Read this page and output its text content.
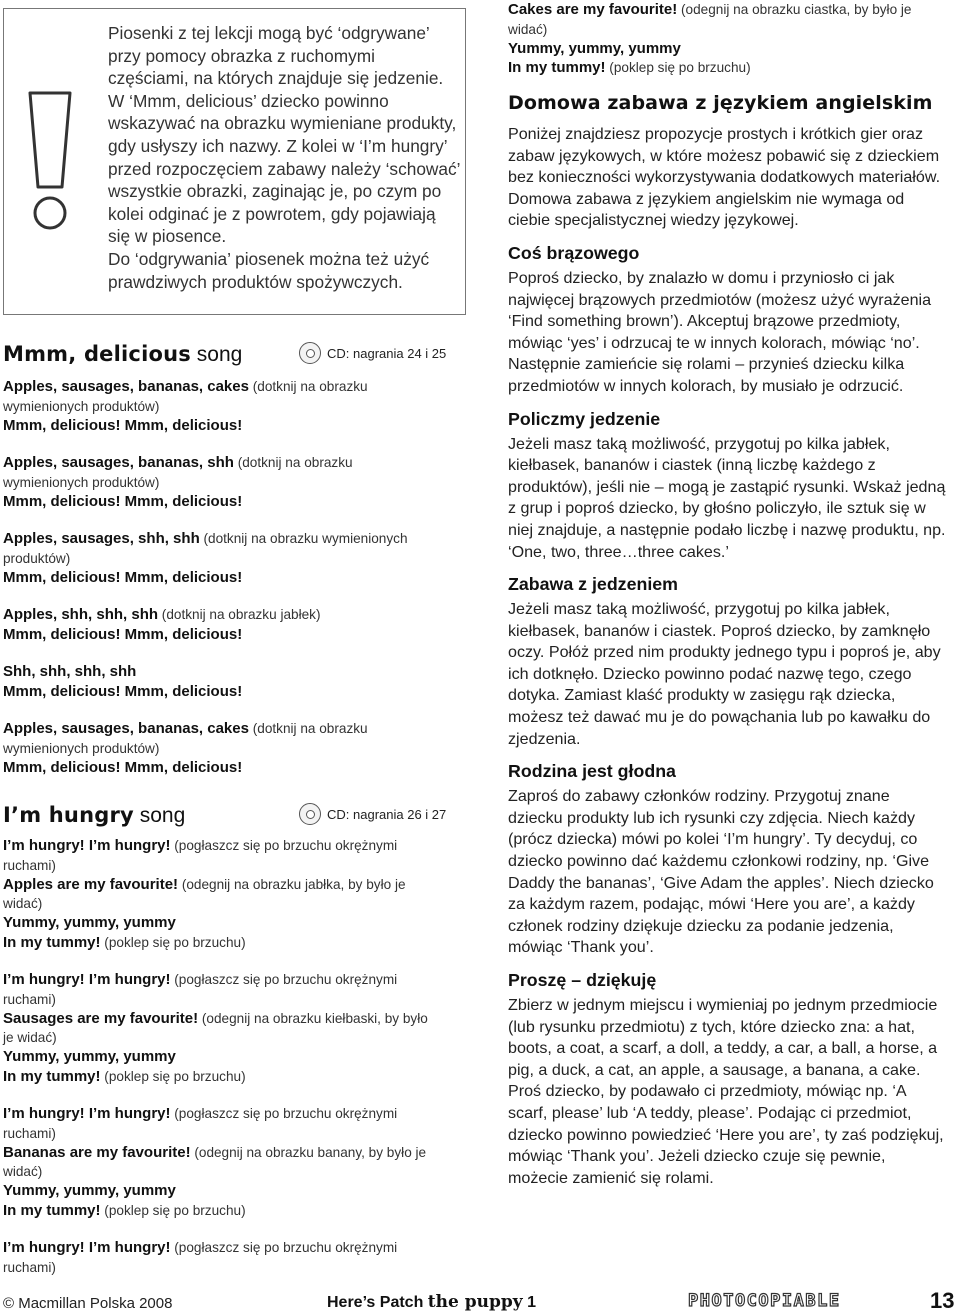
Piosenki z tej lekcji mogą być ‘odgrywane’ przy pomocy obrazka z ruchomymi częściami, na których znajduje się jedzenie. W ‘Mmm, delicious’ dziecko powinno wskazywać na obrazku wymieniane produkty, gdy usłyszy ich nazwy. Z kolei w ‘I’m hungry’ przed rozpoczęciem zabawy należy ‘schować’ wszystkie obrazki, zaginając je, po czym po kolei odginać je z powrotem, gdy pojawiają się w piosence.

Do ‘odgrywania’ piosenek można też użyć prawdziwych produktów spożywczych.

Mmm, delicious song	CD: nagrania 24 i 25
Apples, sausages, bananas, cakes (dotknij na obrazku
wymienionych produktów)
Mmm, delicious! Mmm, delicious!
Apples, sausages, bananas, shh (dotknij na obrazku
wymienionych produktów)
Mmm, delicious! Mmm, delicious!
Apples, sausages, shh, shh (dotknij na obrazku wymienionych
produktów)
Mmm, delicious! Mmm, delicious!
Apples, shh, shh, shh (dotknij na obrazku jabłek)
Mmm, delicious! Mmm, delicious!
Shh, shh, shh, shh
Mmm, delicious! Mmm, delicious!
Apples, sausages, bananas, cakes (dotknij na obrazku
wymienionych produktów)
Mmm, delicious! Mmm, delicious!
I’m hungry song	CD: nagrania 26 i 27
I’m hungry! I’m hungry! (pogłaszcz się po brzuchu okrężnymi
ruchami)
Apples are my favourite! (odegnij na obrazku jabłka, by było je
widać)
Yummy, yummy, yummy
In my tummy! (poklep się po brzuchu)
I’m hungry! I’m hungry! (pogłaszcz się po brzuchu okrężnymi
ruchami)
Sausages are my favourite! (odegnij na obrazku kiełbaski, by było
je widać)
Yummy, yummy, yummy
In my tummy! (poklep się po brzuchu)
I’m hungry! I’m hungry! (pogłaszcz się po brzuchu okrężnymi
ruchami)
Bananas are my favourite! (odegnij na obrazku banany, by było je
widać)
Yummy, yummy, yummy
In my tummy! (poklep się po brzuchu)
I’m hungry! I’m hungry! (pogłaszcz się po brzuchu okrężnymi
ruchami)
Cakes are my favourite! (odegnij na obrazku ciastka, by było je
widać)
Yummy, yummy, yummy
In my tummy! (poklep się po brzuchu)
Domowa zabawa z językiem angielskim

Poniżej znajdziesz propozycje prostych i krótkich gier oraz zabaw językowych, w które możesz pobawić się z dzieckiem bez konieczności wykorzystywania dodatkowych materiałów. Domowa zabawa z językiem angielskim nie wymaga od ciebie specjalistycznej wiedzy językowej.

Coś brązowego

Poproś dziecko, by znalazło w domu i przyniosło ci jak najwięcej brązowych przedmiotów (możesz użyć wyrażenia ‘Find something brown’). Akceptuj brązowe przedmioty, mówiąc ‘yes’ i odrzucaj te w innych kolorach, mówiąc ‘no’. Następnie zamieńcie się rolami – przynieś dziecku kilka przedmiotów w innych kolorach, by musiało je odrzucić.

Policzmy jedzenie

Jeżeli masz taką możliwość, przygotuj po kilka jabłek, kiełbasek, bananów i ciastek (inną liczbę każdego z produktów), jeśli nie – mogą je zastąpić rysunki. Wskaż jedną z grup i poproś dziecko, by głośno policzyło, ile sztuk się w niej znajduje, a następnie podało liczbę i nazwę produktu, np. ‘One, two, three…three cakes.’

Zabawa z jedzeniem

Jeżeli masz taką możliwość, przygotuj po kilka jabłek, kiełbasek, bananów i ciastek. Poproś dziecko, by zamknęło oczy. Połóż przed nim produkty jednego typu i poproś je, aby ich dotknęło. Dziecko powinno podać nazwę tego, czego dotyka. Zamiast klaść produkty w zasięgu rąk dziecka, możesz też dawać mu je do powąchania lub po kawałku do zjedzenia.

Rodzina jest głodna

Zaproś do zabawy członków rodziny. Przygotuj znane dziecku produkty lub ich rysunki czy zdjęcia. Niech każdy (prócz dziecka) mówi po kolei ‘I’m hungry’. Ty decyduj, co dziecko powinno dać każdemu członkowi rodziny, np. ‘Give Daddy the bananas’, ‘Give Adam the apples’. Niech dziecko za każdym razem, podając, mówi ‘Here you are’, a każdy członek rodziny dziękuje dziecku za podanie jedzenia, mówiąc ‘Thank you’.

Proszę – dziękuję

Zbierz w jednym miejscu i wymieniaj po jednym przedmiocie (lub rysunku przedmiotu) z tych, które dziecko zna: a hat, boots, a coat, a scarf, a doll, a teddy, a car, a ball, a horse, a pig, a duck, a cat, an apple, a sausage, a banana, a cake. Proś dziecko, by podawało ci przedmioty, mówiąc np. ‘A scarf, please’ lub ‘A teddy, please’. Podając ci przedmiot, dziecko powinno powiedzieć ‘Here you are’, ty zaś podziękuj, mówiąc ‘Thank you’. Jeżeli dziecko czuje się pewnie, możecie zamienić się rolami.

© Macmillan Polska 2008	Here’s Patch the puppy 1	PHOTOCOPIABLE	13
